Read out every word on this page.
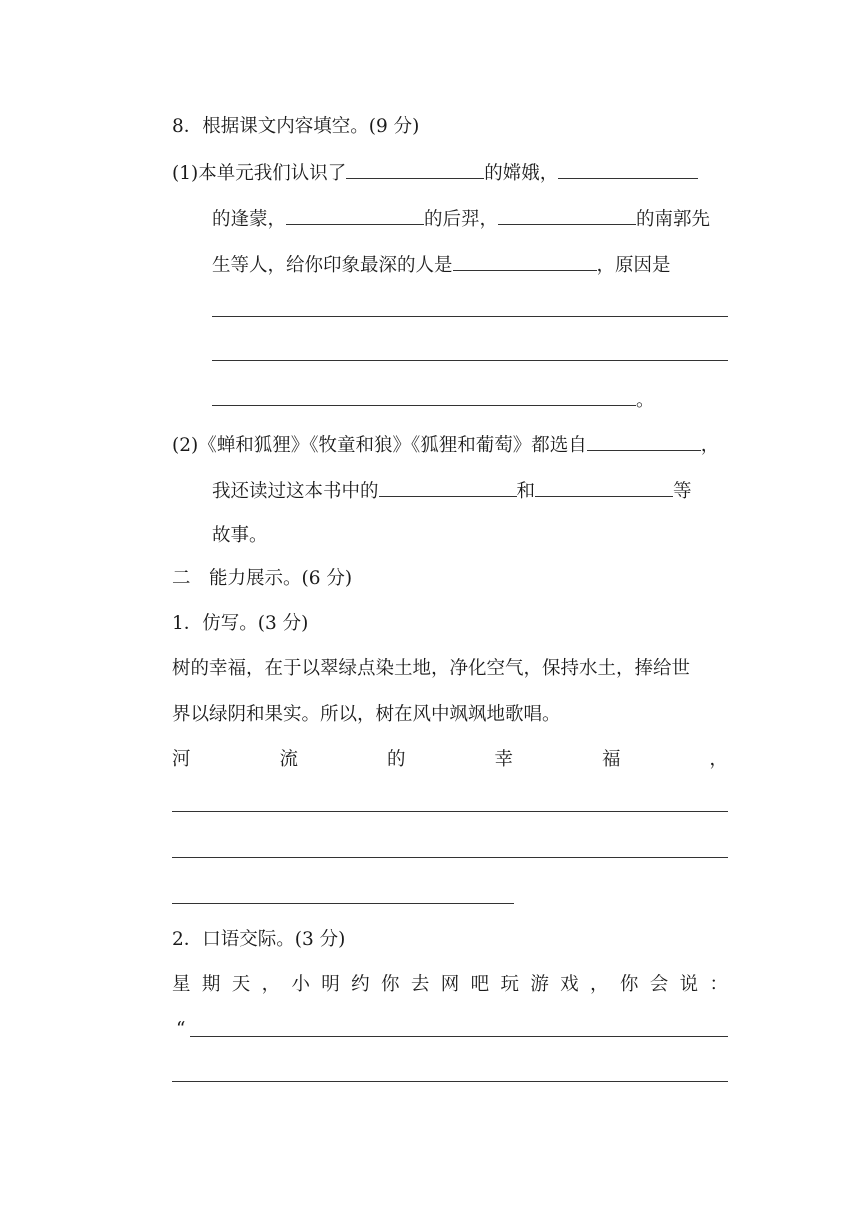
8．根据课文内容填空。(9 分)
(1)本单元我们认识了	的嫦娥，
的逢蒙，	的后羿，	的南郭先
生等人，给你印象最深的人是	，原因是
。
(2)《蝉和狐狸》《牧童和狼》《狐狸和葡萄》都选自	，
我还读过这本书中的	和	等
故事。
二　能力展示。(6 分)
1．仿写。(3 分)
树的幸福，在于以翠绿点染土地，净化空气，保持水土，捧给世
界以绿阴和果实。所以，树在风中飒飒地歌唱。
河	流	的	幸	福	，
2．口语交际。(3 分)
星 期 天 ， 小 明 约 你 去 网 吧 玩 游 戏 ， 你 会 说 ：
“
